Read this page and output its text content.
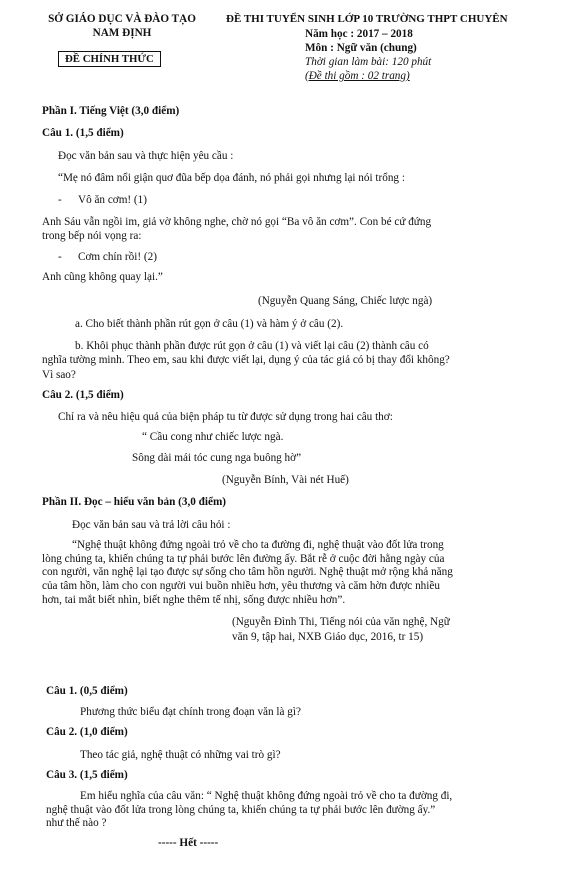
SỞ GIÁO DỤC VÀ ĐÀO TẠO
NAM ĐỊNH
ĐỀ CHÍNH THỨC
ĐỀ THI TUYỂN SINH LỚP 10 TRƯỜNG THPT CHUYÊN
Năm học : 2017 – 2018
Môn : Ngữ văn (chung)
Thời gian làm bài: 120 phút
(Đề thi gồm : 02 trang)
Phần I. Tiếng Việt (3,0 điểm)
Câu 1. (1,5 điểm)
Đọc văn bản sau và thực hiện yêu cầu :
“Mẹ nó đâm nổi giận quơ đũa bếp dọa đánh, nó phải gọi nhưng lại nói trổng :
- Vô ăn cơm! (1)
Anh Sáu vẫn ngồi im, giả vờ không nghe, chờ nó gọi “Ba vô ăn cơm”. Con bé cứ đứng
trong bếp nói vọng ra:
- Cơm chín rồi! (2)
Anh cũng không quay lại.”
(Nguyễn Quang Sáng, Chiếc lược ngà)
a. Cho biết thành phần rút gọn ở câu (1) và hàm ý ở câu (2).
b. Khôi phục thành phần được rút gọn ở câu (1) và viết lại câu (2) thành câu có
nghĩa tường minh. Theo em, sau khi được viết lại, dụng ý của tác giả có bị thay đổi không?
Vì sao?
Câu 2. (1,5 điểm)
Chỉ ra và nêu hiệu quả của biện pháp tu từ được sử dụng trong hai câu thơ:
“ Cầu cong như chiếc lược ngà.
Sông dài mái tóc cung nga buông hờ”
(Nguyễn Bính, Vài nét Huế)
Phần II. Đọc – hiểu văn bản (3,0 điểm)
Đọc văn bản sau và trả lời câu hỏi :
“Nghệ thuật không đứng ngoài trỏ về cho ta đường đi, nghệ thuật vào đốt lửa trong
lòng chúng ta, khiến chúng ta tự phải bước lên đường ấy. Bắt rễ ở cuộc đời hằng ngày của
con người, văn nghệ lại tạo được sự sống cho tâm hồn người. Nghệ thuật mở rộng khả năng
của tâm hồn, làm cho con người vui buồn nhiều hơn, yêu thương và căm hờn được nhiều
hơn, tai mắt biết nhìn, biết nghe thêm tế nhị, sống được nhiều hơn”.
(Nguyễn Đình Thi, Tiếng nói của văn nghệ, Ngữ
văn 9, tập hai, NXB Giáo dục, 2016, tr 15)
Câu 1. (0,5 điểm)
Phương thức biểu đạt chính trong đoạn văn là gì?
Câu 2. (1,0 điểm)
Theo tác giả, nghệ thuật có những vai trò gì?
Câu 3. (1,5 điểm)
Em hiểu nghĩa của câu văn: “ Nghệ thuật không đứng ngoài trỏ về cho ta đường đi,
nghệ thuật vào đốt lửa trong lòng chúng ta, khiến chúng ta tự phải bước lên đường ấy.”
như thế nào ?
----- Hết -----
